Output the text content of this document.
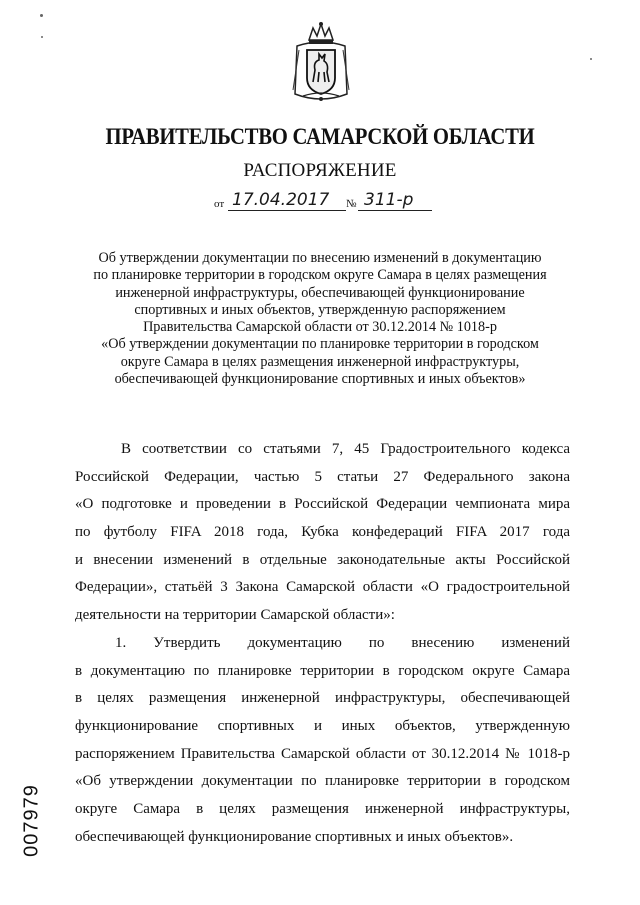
ПРАВИТЕЛЬСТВО САМАРСКОЙ ОБЛАСТИ
РАСПОРЯЖЕНИЕ
от 17.04.2017 № 311-р
Об утверждении документации по внесению изменений в документацию
по планировке территории в городском округе Самара в целях размещения
инженерной инфраструктуры, обеспечивающей функционирование
спортивных и иных объектов, утвержденную распоряжением
Правительства Самарской области от 30.12.2014 № 1018-р
«Об утверждении документации по планировке территории в городском
округе Самара в целях размещения инженерной инфраструктуры,
обеспечивающей функционирование спортивных и иных объектов»
В соответствии со статьями 7, 45 Градостроительного кодекса
Российской Федерации, частью 5 статьи 27 Федерального закона
«О подготовке и проведении в Российской Федерации чемпионата мира
по футболу FIFA 2018 года, Кубка конфедераций FIFA 2017 года
и внесении изменений в отдельные законодательные акты Российской
Федерации», статьёй 3 Закона Самарской области «О градостроительной
деятельности на территории Самарской области»:
1. Утвердить документацию по внесению изменений
в документацию по планировке территории в городском округе Самара
в целях размещения инженерной инфраструктуры, обеспечивающей
функционирование спортивных и иных объектов, утвержденную
распоряжением Правительства Самарской области от 30.12.2014 № 1018-р
«Об утверждении документации по планировке территории в городском
округе Самара в целях размещения инженерной инфраструктуры,
обеспечивающей функционирование спортивных и иных объектов».
007979
